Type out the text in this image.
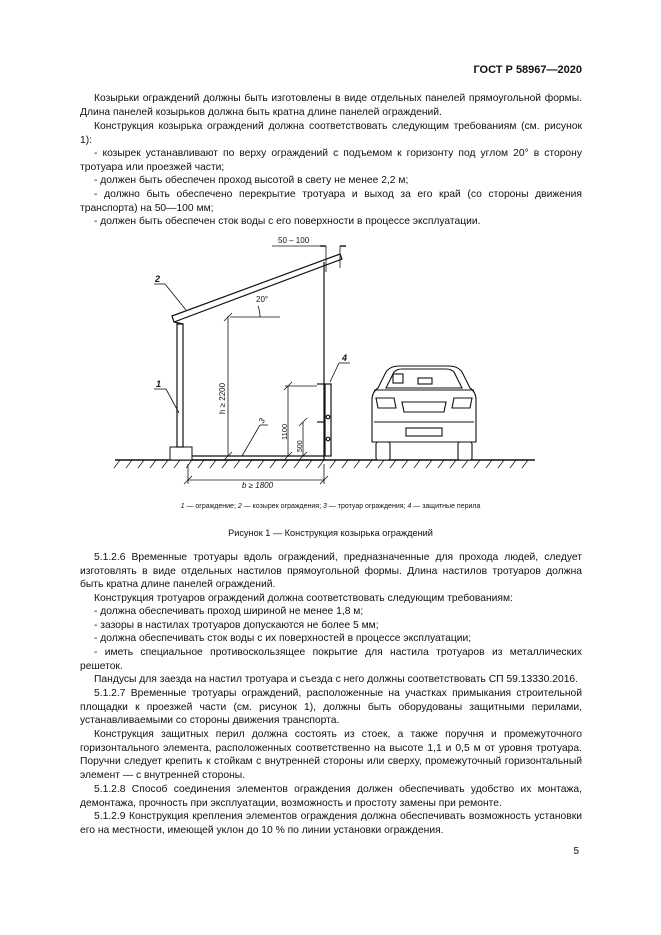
ГОСТ Р 58967—2020

Козырьки ограждений должны быть изготовлены в виде отдельных панелей прямоугольной формы. Длина панелей козырьков должна быть кратна длине панелей ограждений.

Конструкция козырька ограждений должна соответствовать следующим требованиям (см. рисунок 1):

- козырек устанавливают по верху ограждений с подъемом к горизонту под углом 20° в сторону тротуара или проезжей части;

- должен быть обеспечен проход высотой в свету не менее 2,2 м;

- должно быть обеспечено перекрытие тротуара и выход за его край (со стороны движения транспорта) на 50—100 мм;

- должен быть обеспечен сток воды с его поверхности в процессе эксплуатации.

20°
50 – 100
h ≥ 2200
1100
500
b ≥ 1800
2
1
3
4
1 — ограждение; 2 — козырек ограждения; 3 — тротуар ограждения; 4 — защитные перила
Рисунок 1 — Конструкция козырька ограждений

5.1.2.6 Временные тротуары вдоль ограждений, предназначенные для прохода людей, следует изготовлять в виде отдельных настилов прямоугольной формы. Длина настилов тротуаров должна быть кратна длине панелей ограждений.

Конструкция тротуаров ограждений должна соответствовать следующим требованиям:

- должна обеспечивать проход шириной не менее 1,8 м;

- зазоры в настилах тротуаров допускаются не более 5 мм;

- должна обеспечивать сток воды с их поверхностей в процессе эксплуатации;

- иметь специальное противоскользящее покрытие для настила тротуаров из металлических решеток.

Пандусы для заезда на настил тротуара и съезда с него должны соответствовать СП 59.13330.2016.

5.1.2.7 Временные тротуары ограждений, расположенные на участках примыкания строительной площадки к проезжей части (см. рисунок 1), должны быть оборудованы защитными перилами, устанавливаемыми со стороны движения транспорта.

Конструкция защитных перил должна состоять из стоек, а также поручня и промежуточного горизонтального элемента, расположенных соответственно на высоте 1,1 и 0,5 м от уровня тротуара. Поручни следует крепить к стойкам с внутренней стороны или сверху, промежуточный горизонтальный элемент — с внутренней стороны.

5.1.2.8 Способ соединения элементов ограждения должен обеспечивать удобство их монтажа, демонтажа, прочность при эксплуатации, возможность и простоту замены при ремонте.

5.1.2.9 Конструкция крепления элементов ограждения должна обеспечивать возможность установки его на местности, имеющей уклон до 10 % по линии установки ограждения.

5
